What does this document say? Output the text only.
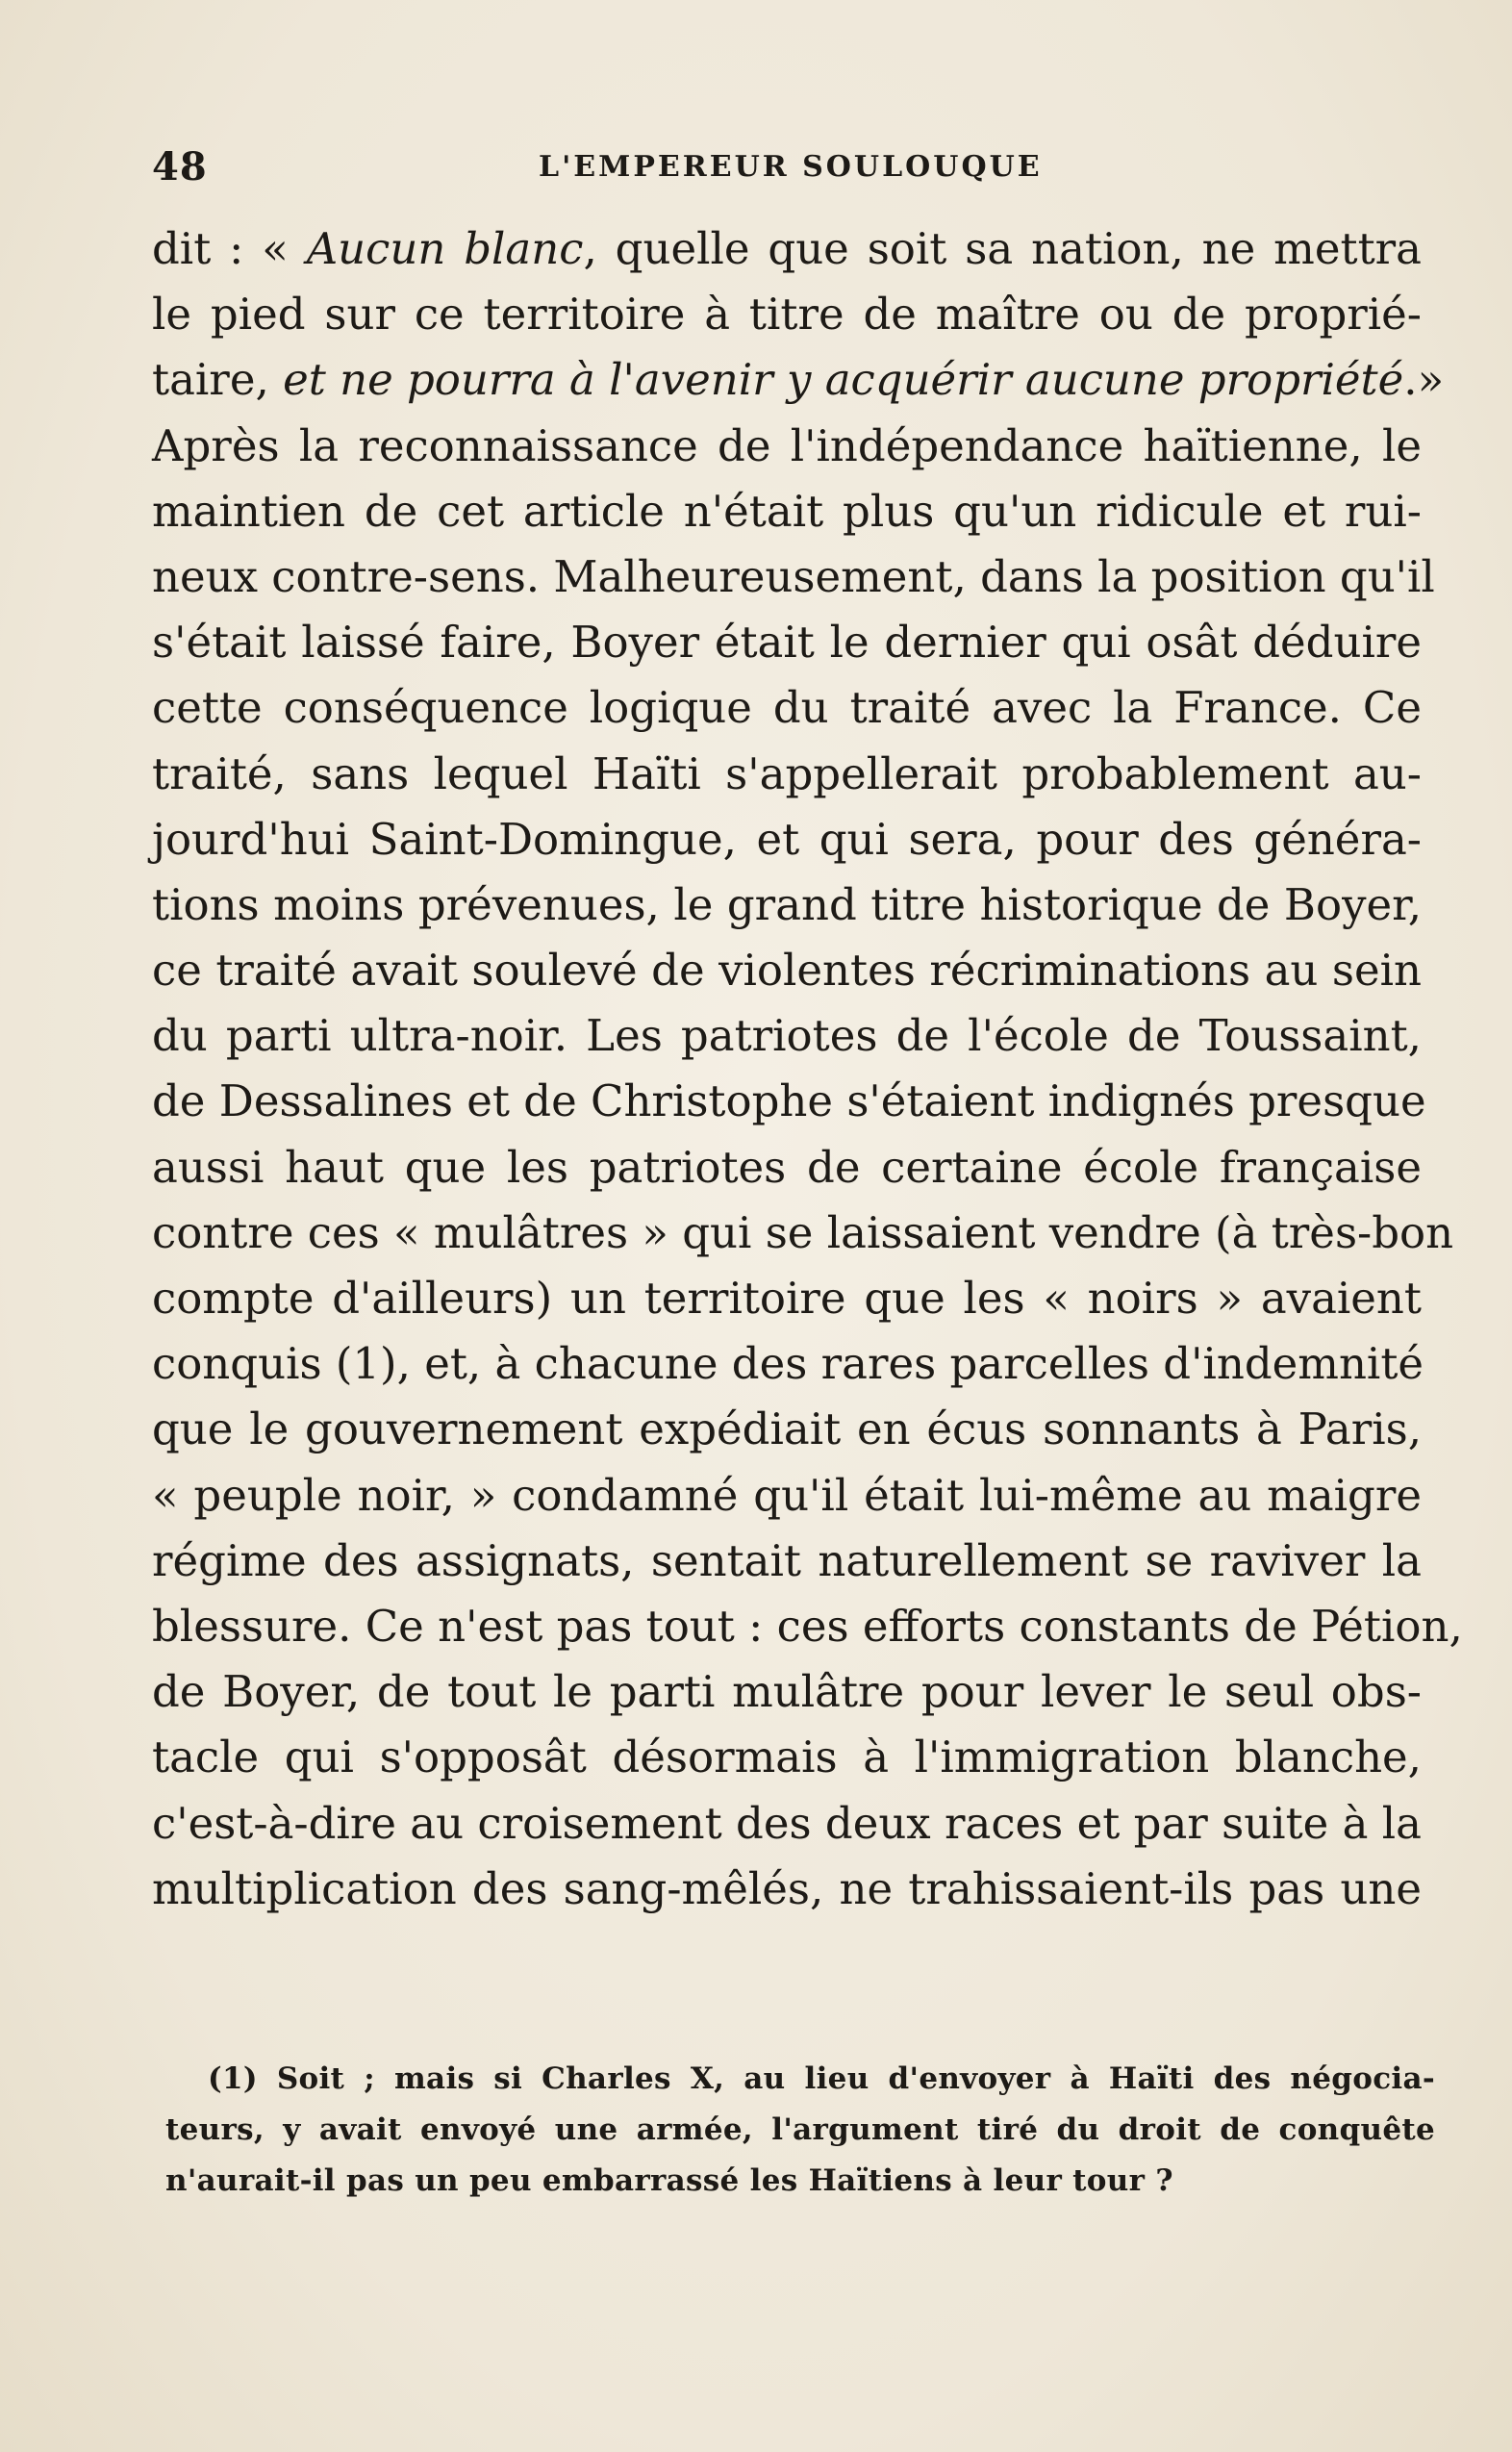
48	L'EMPEREUR SOULOUQUE
dit : « Aucun blanc, quelle que soit sa nation, ne mettra
le pied sur ce territoire à titre de maître ou de proprié-
taire, et ne pourra à l'avenir y acquérir aucune propriété.»
Après la reconnaissance de l'indépendance haïtienne, le
maintien de cet article n'était plus qu'un ridicule et rui-
neux contre-sens. Malheureusement, dans la position qu'il
s'était laissé faire, Boyer était le dernier qui osât déduire
cette conséquence logique du traité avec la France. Ce
traité, sans lequel Haïti s'appellerait probablement au-
jourd'hui Saint-Domingue, et qui sera, pour des généra-
tions moins prévenues, le grand titre historique de Boyer,
ce traité avait soulevé de violentes récriminations au sein
du parti ultra-noir. Les patriotes de l'école de Toussaint,
de Dessalines et de Christophe s'étaient indignés presque
aussi haut que les patriotes de certaine école française
contre ces « mulâtres » qui se laissaient vendre (à très-bon
compte d'ailleurs) un territoire que les « noirs » avaient
conquis (1), et, à chacune des rares parcelles d'indemnité
que le gouvernement expédiait en écus sonnants à Paris,
« peuple noir, » condamné qu'il était lui-même au maigre
régime des assignats, sentait naturellement se raviver la
blessure. Ce n'est pas tout : ces efforts constants de Pétion,
de Boyer, de tout le parti mulâtre pour lever le seul obs-
tacle qui s'opposât désormais à l'immigration blanche,
c'est-à-dire au croisement des deux races et par suite à la
multiplication des sang-mêlés, ne trahissaient-ils pas une
(1) Soit ; mais si Charles X, au lieu d'envoyer à Haïti des négocia-
teurs, y avait envoyé une armée, l'argument tiré du droit de conquête
n'aurait-il pas un peu embarrassé les Haïtiens à leur tour ?
